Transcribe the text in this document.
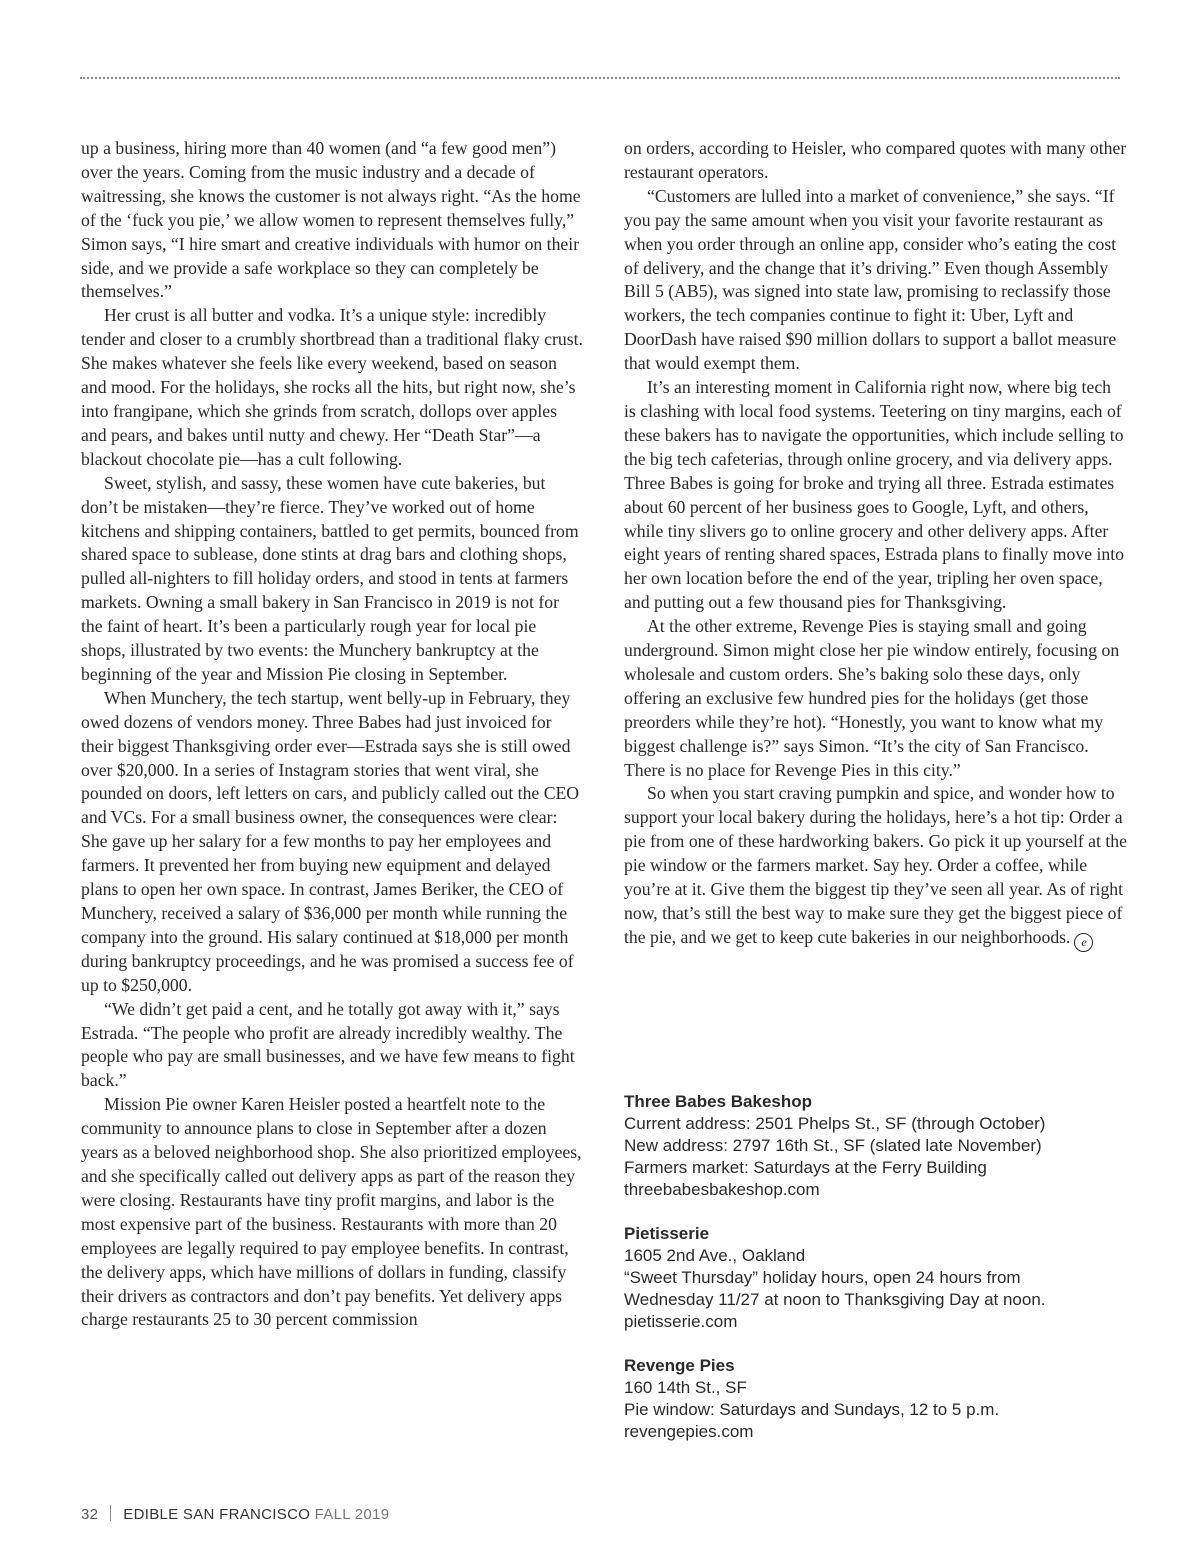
up a business, hiring more than 40 women (and “a few good men”) over the years. Coming from the music industry and a decade of waitressing, she knows the customer is not always right. “As the home of the ‘fuck you pie,’ we allow women to represent themselves fully,” Simon says, “I hire smart and creative individuals with humor on their side, and we provide a safe workplace so they can completely be themselves.”

Her crust is all butter and vodka. It’s a unique style: incredibly tender and closer to a crumbly shortbread than a traditional flaky crust. She makes whatever she feels like every weekend, based on season and mood. For the holidays, she rocks all the hits, but right now, she’s into frangipane, which she grinds from scratch, dollops over apples and pears, and bakes until nutty and chewy. Her “Death Star”—a blackout chocolate pie—has a cult following.

Sweet, stylish, and sassy, these women have cute bakeries, but don’t be mistaken—they’re fierce. They’ve worked out of home kitchens and shipping containers, battled to get permits, bounced from shared space to sublease, done stints at drag bars and clothing shops, pulled all-nighters to fill holiday orders, and stood in tents at farmers markets. Owning a small bakery in San Francisco in 2019 is not for the faint of heart. It’s been a particularly rough year for local pie shops, illustrated by two events: the Munchery bankruptcy at the beginning of the year and Mission Pie closing in September.

When Munchery, the tech startup, went belly-up in February, they owed dozens of vendors money. Three Babes had just invoiced for their biggest Thanksgiving order ever—Estrada says she is still owed over $20,000. In a series of Instagram stories that went viral, she pounded on doors, left letters on cars, and publicly called out the CEO and VCs. For a small business owner, the consequences were clear: She gave up her salary for a few months to pay her employees and farmers. It prevented her from buying new equipment and delayed plans to open her own space. In contrast, James Beriker, the CEO of Munchery, received a salary of $36,000 per month while running the company into the ground. His salary continued at $18,000 per month during bankruptcy proceedings, and he was promised a success fee of up to $250,000.

“We didn’t get paid a cent, and he totally got away with it,” says Estrada. “The people who profit are already incredibly wealthy. The people who pay are small businesses, and we have few means to fight back.”

Mission Pie owner Karen Heisler posted a heartfelt note to the community to announce plans to close in September after a dozen years as a beloved neighborhood shop. She also prioritized employees, and she specifically called out delivery apps as part of the reason they were closing. Restaurants have tiny profit margins, and labor is the most expensive part of the business. Restaurants with more than 20 employees are legally required to pay employee benefits. In contrast, the delivery apps, which have millions of dollars in funding, classify their drivers as contractors and don’t pay benefits. Yet delivery apps charge restaurants 25 to 30 percent commission

on orders, according to Heisler, who compared quotes with many other restaurant operators.

“Customers are lulled into a market of convenience,” she says. “If you pay the same amount when you visit your favorite restaurant as when you order through an online app, consider who’s eating the cost of delivery, and the change that it’s driving.” Even though Assembly Bill 5 (AB5), was signed into state law, promising to reclassify those workers, the tech companies continue to fight it: Uber, Lyft and DoorDash have raised $90 million dollars to support a ballot measure that would exempt them.

It’s an interesting moment in California right now, where big tech is clashing with local food systems. Teetering on tiny margins, each of these bakers has to navigate the opportunities, which include selling to the big tech cafeterias, through online grocery, and via delivery apps. Three Babes is going for broke and trying all three. Estrada estimates about 60 percent of her business goes to Google, Lyft, and others, while tiny slivers go to online grocery and other delivery apps. After eight years of renting shared spaces, Estrada plans to finally move into her own location before the end of the year, tripling her oven space, and putting out a few thousand pies for Thanksgiving.

At the other extreme, Revenge Pies is staying small and going underground. Simon might close her pie window entirely, focusing on wholesale and custom orders. She’s baking solo these days, only offering an exclusive few hundred pies for the holidays (get those preorders while they’re hot). “Honestly, you want to know what my biggest challenge is?” says Simon. “It’s the city of San Francisco. There is no place for Revenge Pies in this city.”

So when you start craving pumpkin and spice, and wonder how to support your local bakery during the holidays, here’s a hot tip: Order a pie from one of these hardworking bakers. Go pick it up yourself at the pie window or the farmers market. Say hey. Order a coffee, while you’re at it. Give them the biggest tip they’ve seen all year. As of right now, that’s still the best way to make sure they get the biggest piece of the pie, and we get to keep cute bakeries in our neighborhoods. e

Three Babes Bakeshop
Current address: 2501 Phelps St., SF (through October)
New address: 2797 16th St., SF (slated late November)
Farmers market: Saturdays at the Ferry Building
threebabesbakeshop.com
Pietisserie
1605 2nd Ave., Oakland
“Sweet Thursday” holiday hours, open 24 hours from
Wednesday 11/27 at noon to Thanksgiving Day at noon.
pietisserie.com
Revenge Pies
160 14th St., SF
Pie window: Saturdays and Sundays, 12 to 5 p.m.
revengepies.com
32 EDIBLE SAN FRANCISCO FALL 2019
